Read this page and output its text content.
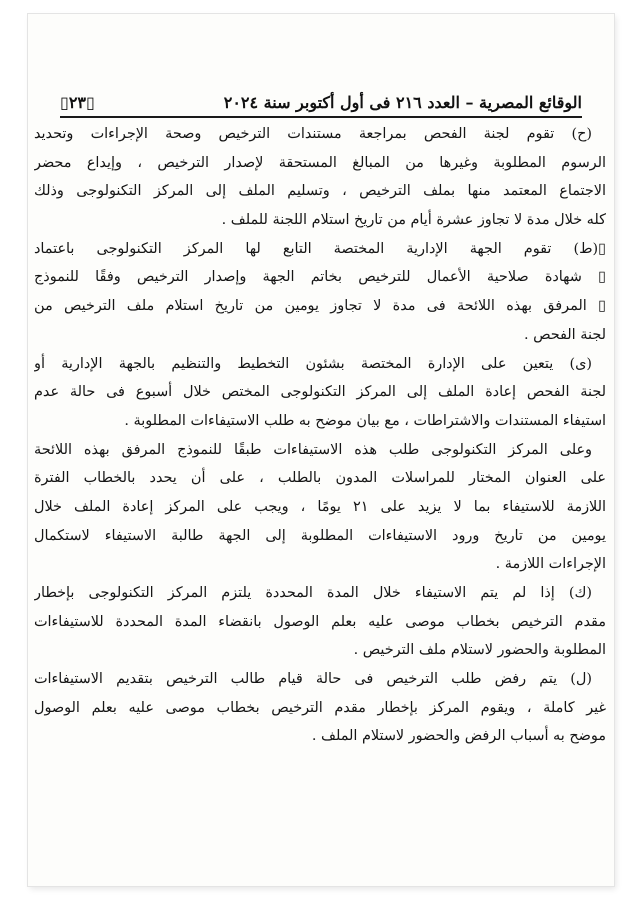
الوقائع المصرية – العدد ٢١٦ فى أول أكتوبر سنة ٢٠٢٤
▯٢٣▯
(ح) تقوم لجنة الفحص بمراجعة مستندات الترخيص وصحة الإجراءات وتحديد
الرسوم المطلوبة وغيرها من المبالغ المستحقة لإصدار الترخيص ، وإيداع محضر
الاجتماع المعتمد منها بملف الترخيص ، وتسليم الملف إلى المركز التكنولوجى وذلك
كله خلال مدة لا تجاوز عشرة أيام من تاريخ استلام اللجنة للملف .
▯(ط) تقوم الجهة الإدارية المختصة التابع لها المركز التكنولوجى باعتماد
▯ شهادة صلاحية الأعمال للترخيص بخاتم الجهة وإصدار الترخيص وفقًا للنموذج
▯ المرفق بهذه اللائحة فى مدة لا تجاوز يومين من تاريخ استلام ملف الترخيص من
لجنة الفحص .
(ى) يتعين على الإدارة المختصة بشئون التخطيط والتنظيم بالجهة الإدارية أو
لجنة الفحص إعادة الملف إلى المركز التكنولوجى المختص خلال أسبوع فى حالة عدم
استيفاء المستندات والاشتراطات ، مع بيان موضح به طلب الاستيفاءات المطلوبة .
وعلى المركز التكنولوجى طلب هذه الاستيفاءات طبقًا للنموذج المرفق بهذه اللائحة
على العنوان المختار للمراسلات المدون بالطلب ، على أن يحدد بالخطاب الفترة
اللازمة للاستيفاء بما لا يزيد على ٢١ يومًا ، ويجب على المركز إعادة الملف خلال
يومين من تاريخ ورود الاستيفاءات المطلوبة إلى الجهة طالبة الاستيفاء لاستكمال
الإجراءات اللازمة .
(ك) إذا لم يتم الاستيفاء خلال المدة المحددة يلتزم المركز التكنولوجى بإخطار
مقدم الترخيص بخطاب موصى عليه بعلم الوصول بانقضاء المدة المحددة للاستيفاءات
المطلوبة والحضور لاستلام ملف الترخيص .
(ل) يتم رفض طلب الترخيص فى حالة قيام طالب الترخيص بتقديم الاستيفاءات
غير كاملة ، ويقوم المركز بإخطار مقدم الترخيص بخطاب موصى عليه بعلم الوصول
موضح به أسباب الرفض والحضور لاستلام الملف .
